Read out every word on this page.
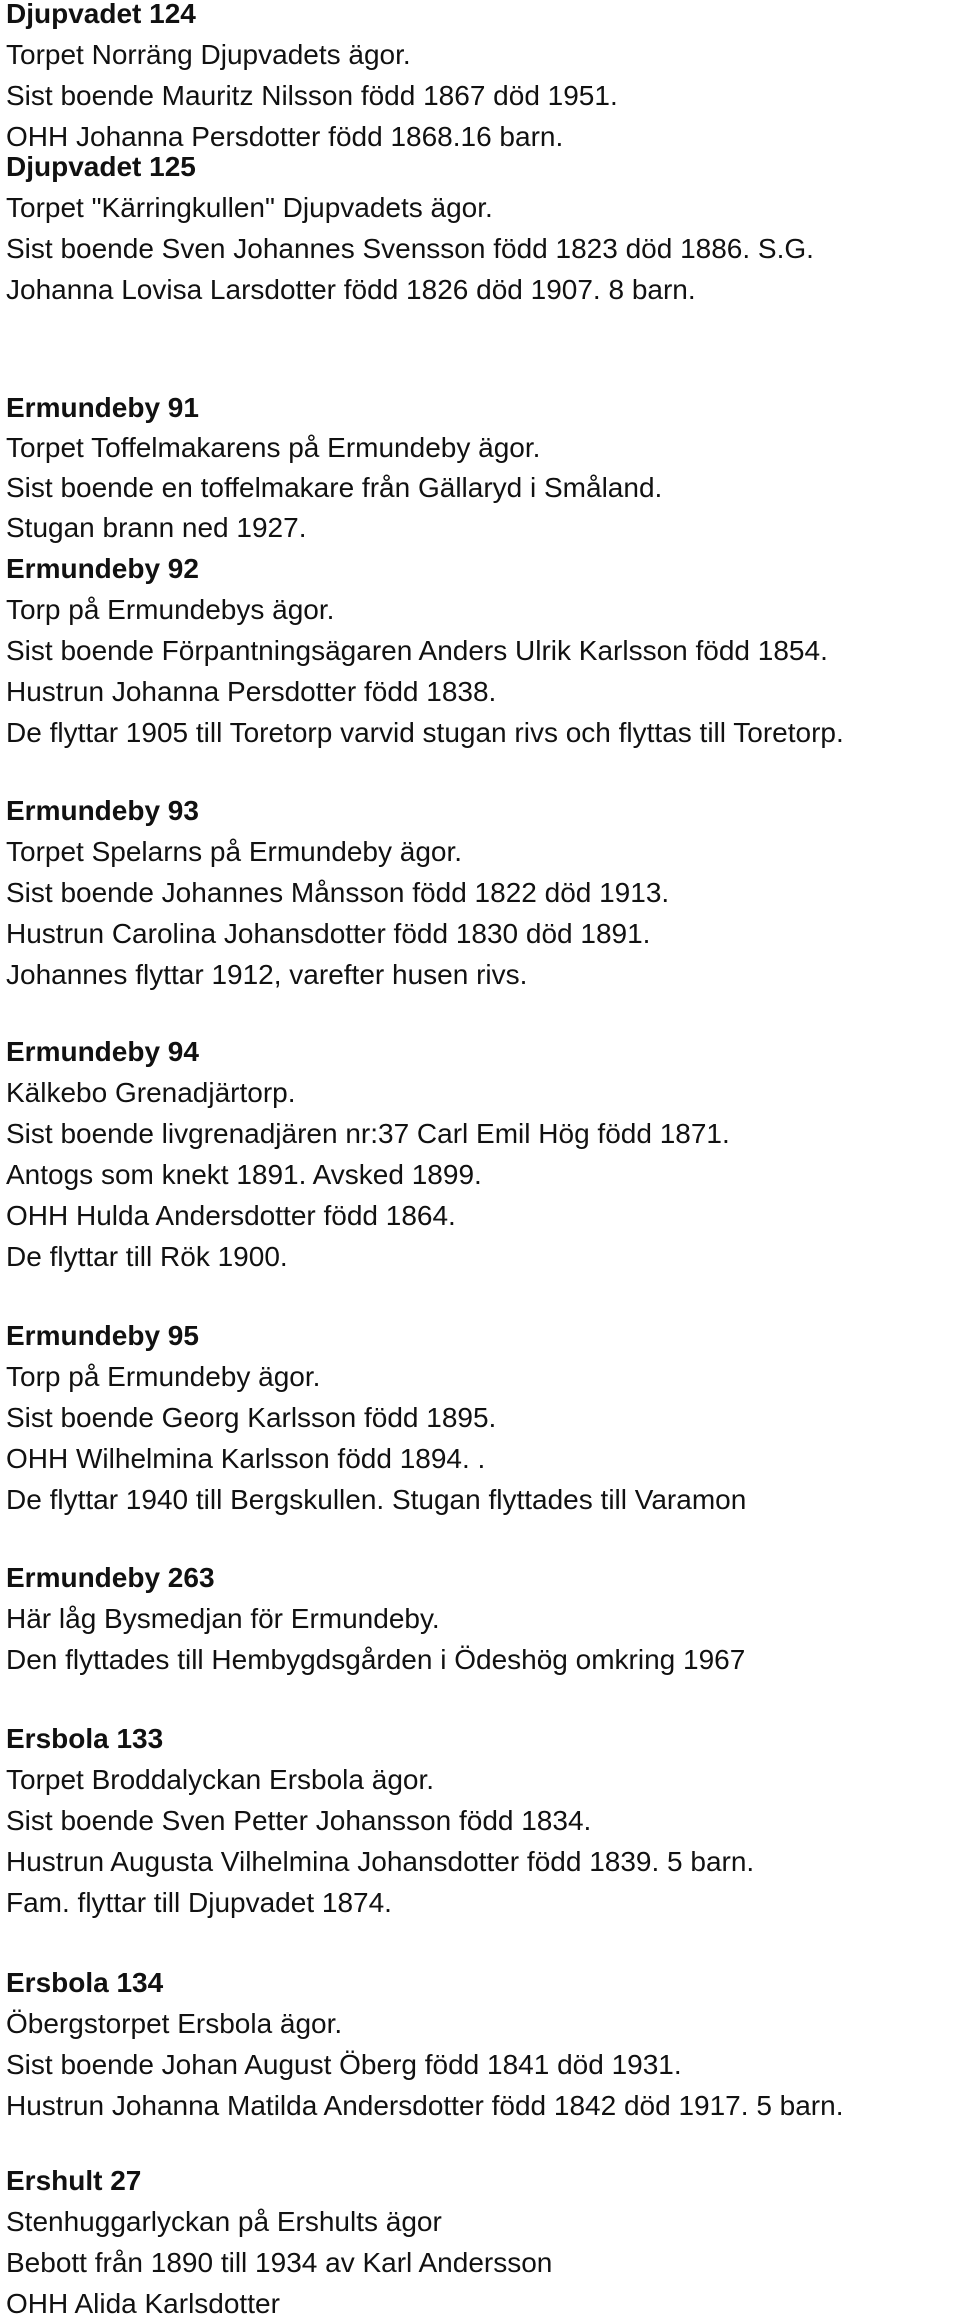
Djupvadet 124
Torpet Norräng Djupvadets ägor.
Sist boende Mauritz Nilsson född 1867 död 1951.
OHH Johanna Persdotter född 1868.16 barn.
Djupvadet 125
Torpet "Kärringkullen" Djupvadets ägor.
Sist boende Sven Johannes Svensson född 1823 död 1886. S.G.
Johanna Lovisa Larsdotter född 1826 död 1907. 8 barn.
Ermundeby 91
Torpet Toffelmakarens på Ermundeby ägor.
Sist boende en toffelmakare från Gällaryd i Småland.
Stugan brann ned 1927.
Ermundeby 92
Torp på Ermundebys ägor.
Sist boende Förpantningsägaren Anders Ulrik Karlsson född 1854.
Hustrun Johanna Persdotter född 1838.
De flyttar 1905 till Toretorp varvid stugan rivs och flyttas till Toretorp.
Ermundeby 93
Torpet Spelarns på Ermundeby ägor.
Sist boende Johannes Månsson född 1822 död 1913.
Hustrun Carolina Johansdotter född 1830 död 1891.
Johannes flyttar 1912, varefter husen rivs.
Ermundeby 94
Kälkebo Grenadjärtorp.
Sist boende livgrenadjären nr:37 Carl Emil Hög född 1871.
Antogs som knekt 1891. Avsked 1899.
OHH Hulda Andersdotter född 1864.
De flyttar till Rök 1900.
Ermundeby 95
Torp på Ermundeby ägor.
Sist boende Georg Karlsson född 1895.
OHH Wilhelmina Karlsson född 1894. .
De flyttar 1940 till Bergskullen. Stugan flyttades till Varamon
Ermundeby 263
Här låg Bysmedjan för Ermundeby.
Den flyttades till Hembygdsgården i Ödeshög omkring 1967
Ersbola 133
Torpet Broddalyckan Ersbola ägor.
Sist boende Sven Petter Johansson född 1834.
Hustrun Augusta Vilhelmina Johansdotter född 1839. 5 barn.
Fam. flyttar till Djupvadet 1874.
Ersbola 134
Öbergstorpet Ersbola ägor.
Sist boende Johan August Öberg född 1841 död 1931.
Hustrun Johanna Matilda Andersdotter född 1842 död 1917. 5 barn.
Ershult 27
Stenhuggarlyckan på Ershults ägor
Bebott från 1890 till 1934 av Karl Andersson
OHH Alida Karlsdotter
